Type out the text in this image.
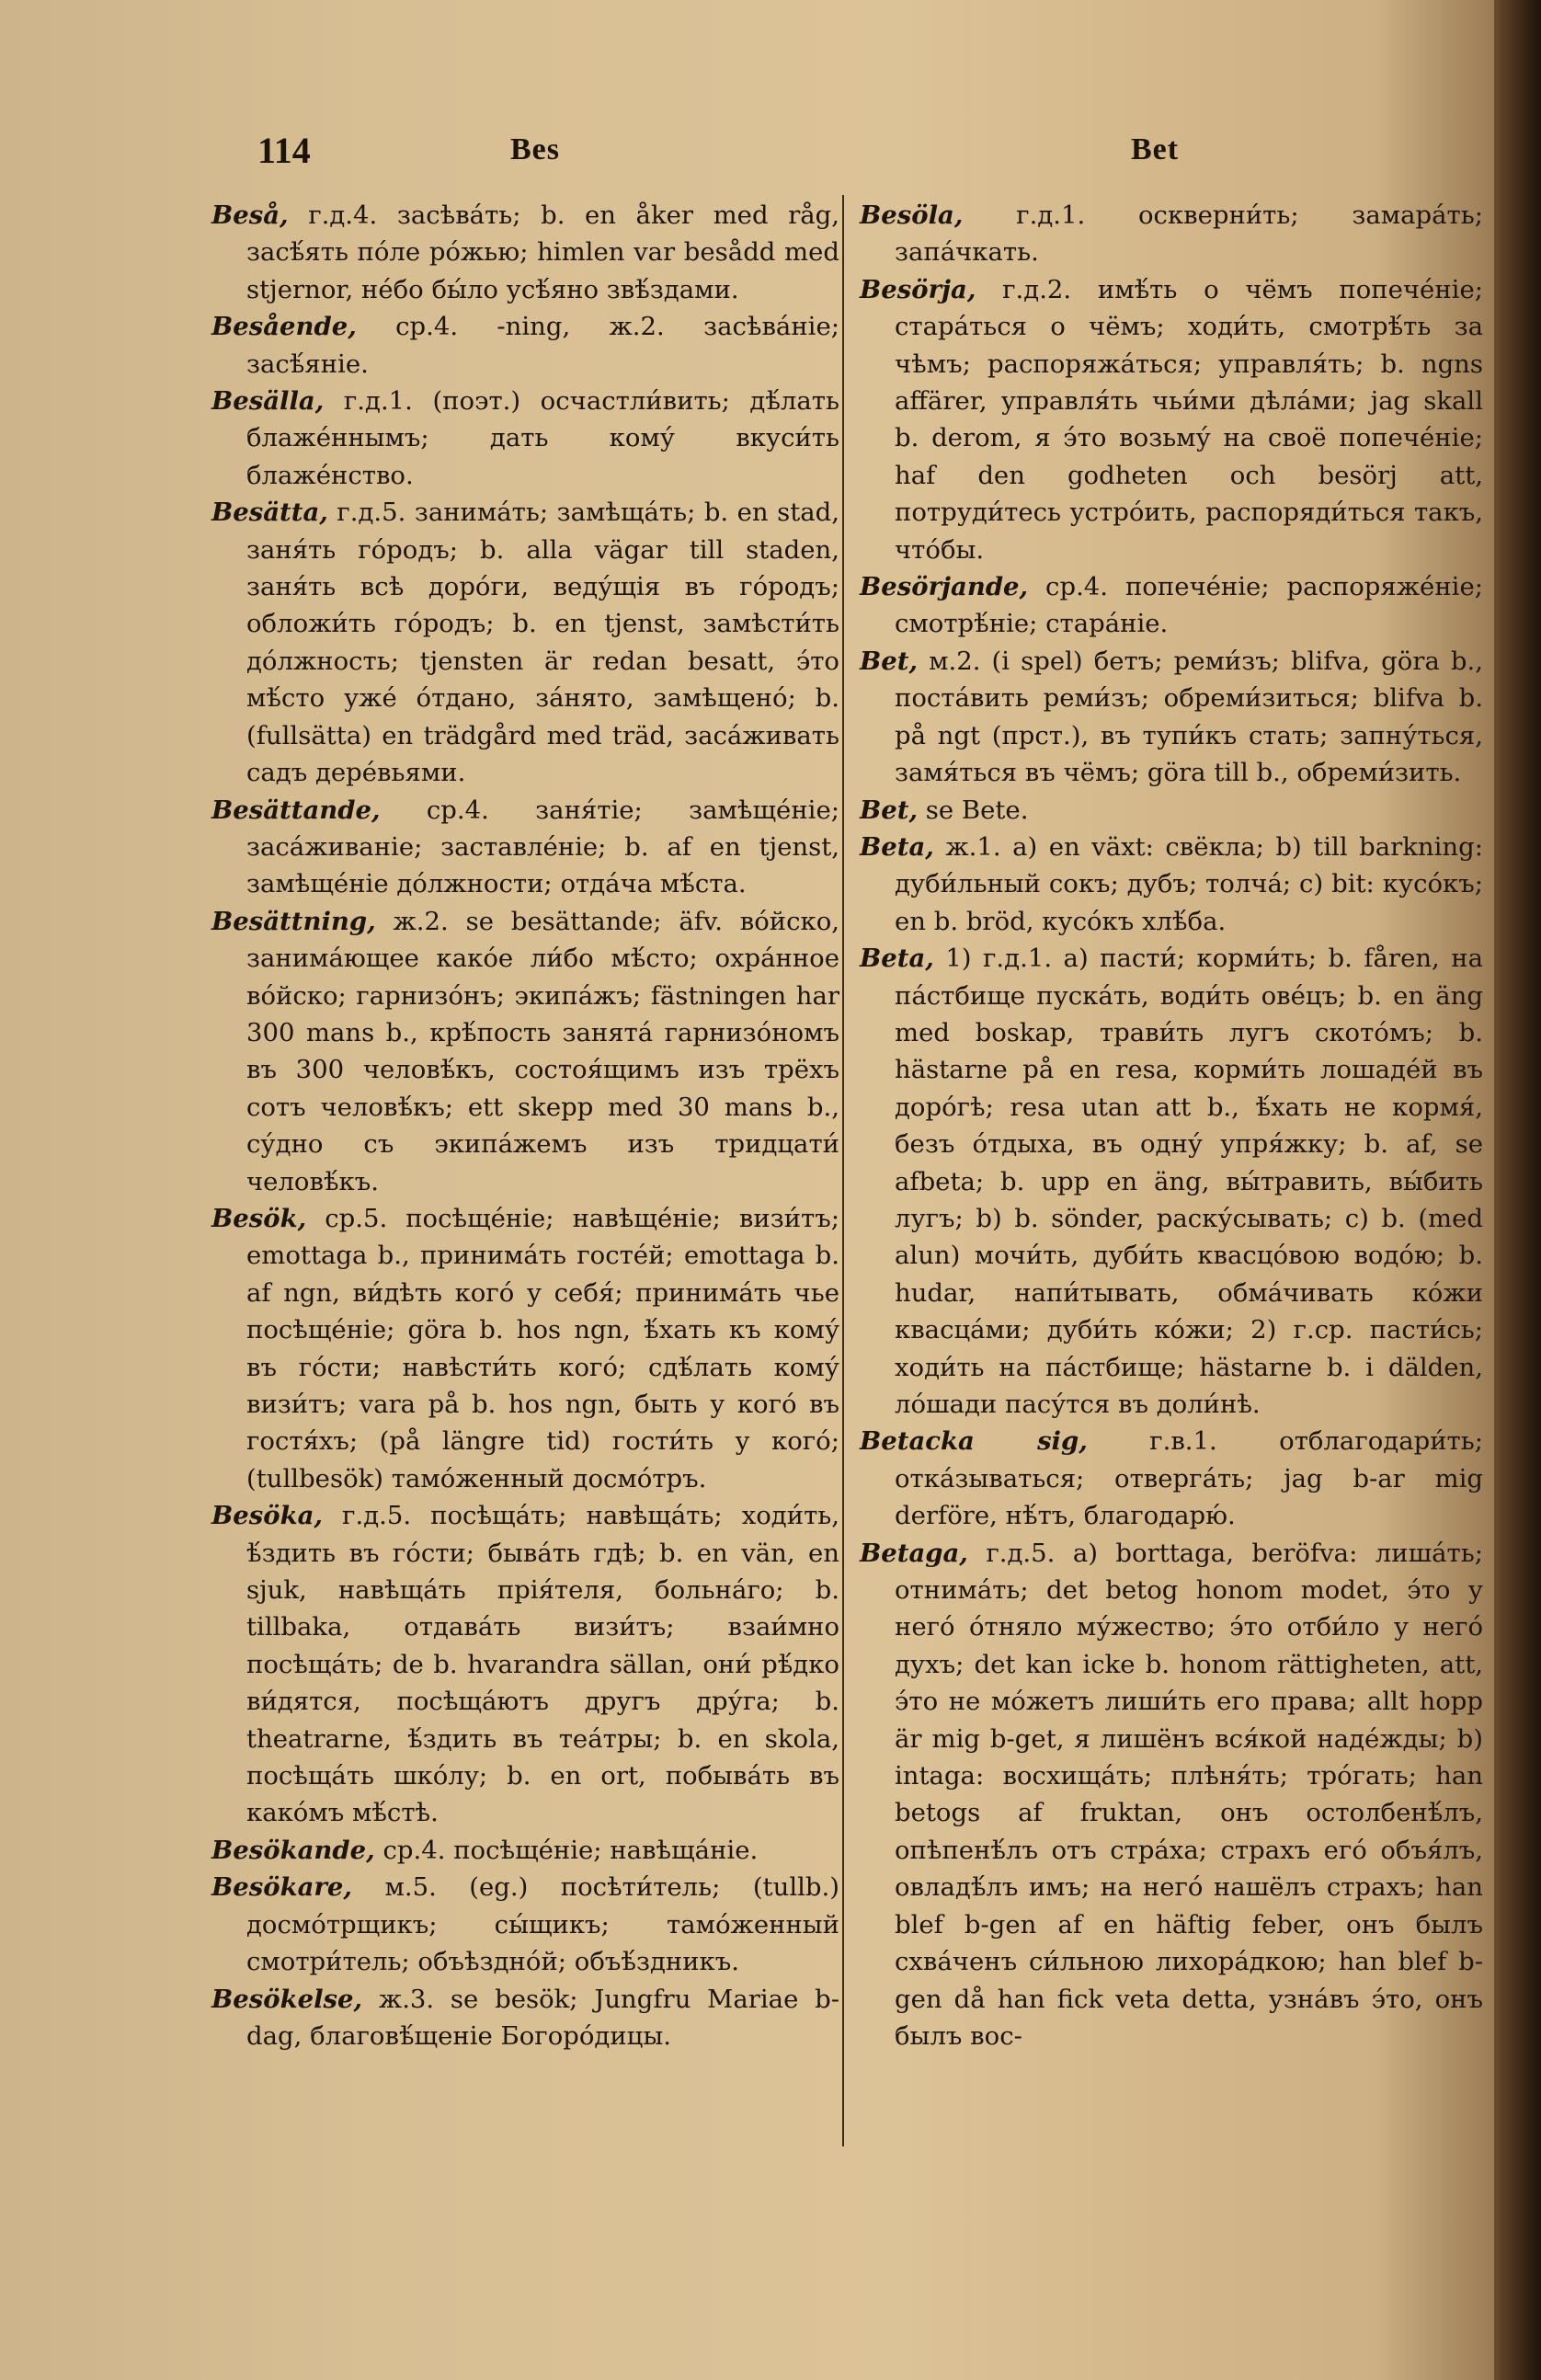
114	Bes	Bet

Beså, г.д.4. засѣва́ть; b. en åker med råg, засѣ́ять по́ле ро́жью; himlen var besådd med stjernor, не́бо бы́ло усѣ́яно звѣ́здами.

Besående, ср.4. -ning, ж.2. засѣва́нiе; засѣ́янiе.

Besälla, г.д.1. (поэт.) осчастли́вить; дѣ́лать блаже́ннымъ; дать кому́ вкуси́ть блаже́нство.

Besätta, г.д.5. занима́ть; замѣща́ть; b. en stad, заня́ть го́родъ; b. alla vägar till staden, заня́ть всѣ доро́ги, веду́щiя въ го́родъ; обложи́ть го́родъ; b. en tjenst, замѣсти́ть до́лжность; tjensten är redan besatt, э́то мѣ́сто уже́ о́тдано, за́нято, замѣщено́; b. (fullsätta) en trädgård med träd, заса́живать садъ дере́вьями.

Besättande, ср.4. заня́тiе; замѣще́нiе; заса́живанiе; заставле́нiе; b. af en tjenst, замѣще́нiе до́лжности; отда́ча мѣ́ста.

Besättning, ж.2. se besättande; äfv. во́йско, занима́ющее како́е ли́бо мѣ́сто; охра́нное во́йско; гарнизо́нъ; экипа́жъ; fästningen har 300 mans b., крѣ́пость занята́ гарнизо́номъ въ 300 человѣ́къ, состоя́щимъ изъ трёхъ сотъ человѣ́къ; ett skepp med 30 mans b., су́дно съ экипа́жемъ изъ тридцати́ человѣ́къ.

Besök, ср.5. посѣще́нiе; навѣще́нiе; визи́тъ; emottaga b., принима́ть госте́й; emottaga b. af ngn, ви́дѣть кого́ у себя́; принима́ть чье посѣще́нiе; göra b. hos ngn, ѣ́хать къ кому́ въ го́сти; навѣсти́ть кого́; сдѣ́лать кому́ визи́тъ; vara på b. hos ngn, быть у кого́ въ гостя́хъ; (på längre tid) гости́ть у кого́; (tullbesök) тамо́женный досмо́тръ.

Besöka, г.д.5. посѣща́ть; навѣща́ть; ходи́ть, ѣ́здить въ го́сти; быва́ть гдѣ; b. en vän, en sjuk, навѣща́ть прiя́теля, больна́го; b. tillbaka, отдава́ть визи́тъ; взаи́мно посѣща́ть; de b. hvarandra sällan, они́ рѣ́дко ви́дятся, посѣща́ютъ другъ дру́га; b. theatrarne, ѣ́здить въ теа́тры; b. en skola, посѣща́ть шко́лу; b. en ort, побыва́ть въ како́мъ мѣ́стѣ.

Besökande, ср.4. посѣще́нiе; навѣща́нiе.

Besökare, м.5. (eg.) посѣти́тель; (tullb.) досмо́трщикъ; сы́щикъ; тамо́женный смотри́тель; объѣздно́й; объѣ́здникъ.

Besökelse, ж.3. se besök; Jungfru Mariae b-dag, благовѣ́щенiе Богоро́дицы.

Besöla, г.д.1. оскверни́ть; замара́ть; запа́чкать.

Besörja, г.д.2. имѣ́ть о чёмъ попече́нiе; стара́ться о чёмъ; ходи́ть, смотрѣ́ть за чѣмъ; распоряжа́ться; управля́ть; b. ngns affärer, управля́ть чьи́ми дѣла́ми; jag skall b. derom, я э́то возьму́ на своё попече́нiе; haf den godheten och besörj att, потруди́тесь устро́ить, распоряди́ться такъ, что́бы.

Besörjande, ср.4. попече́нiе; распоряже́нiе; смотрѣ́нiе; стара́нiе.

Bet, м.2. (i spel) бетъ; реми́зъ; blifva, göra b., поста́вить реми́зъ; обреми́зиться; blifva b. på ngt (прст.), въ тупи́къ стать; запну́ться, замя́ться въ чёмъ; göra till b., обреми́зить.

Bet, se Bete.

Beta, ж.1. a) en växt: свёкла; b) till barkning: дуби́льный сокъ; дубъ; толча́; c) bit: кусо́къ; en b. bröd, кусо́къ хлѣ́ба.

Beta, 1) г.д.1. a) пасти́; корми́ть; b. fåren, на па́стбище пуска́ть, води́ть ове́цъ; b. en äng med boskap, трави́ть лугъ ското́мъ; b. hästarne på en resa, корми́ть лошаде́й въ доро́гѣ; resa utan att b., ѣ́хать не кормя́, безъ о́тдыха, въ одну́ упря́жку; b. af, se afbeta; b. upp en äng, вы́травить, вы́бить лугъ; b) b. sönder, раску́сывать; c) b. (med alun) мочи́ть, дуби́ть квасцо́вою водо́ю; b. hudar, напи́тывать, обма́чивать ко́жи квасца́ми; дуби́ть ко́жи; 2) г.ср. пасти́сь; ходи́ть на па́стбище; hästarne b. i dälden, ло́шади пасу́тся въ доли́нѣ.

Betacka sig, г.в.1. отблагодари́ть; отка́зываться; отверга́ть; jag b-ar mig derföre, нѣ́тъ, благодарю́.

Betaga, г.д.5. a) borttaga, beröfva: лиша́ть; отнима́ть; det betog honom modet, э́то у него́ о́тняло му́жество; э́то отби́ло у него́ духъ; det kan icke b. honom rättigheten, att, э́то не мо́жетъ лиши́ть его права; allt hopp är mig b-get, я лишёнъ вся́кой наде́жды; b) intaga: восхища́ть; плѣня́ть; тро́гать; han betogs af fruktan, онъ остолбенѣ́лъ, опѣпенѣ́лъ отъ стра́ха; страхъ его́ объя́лъ, овладѣ́лъ имъ; на него́ нашёлъ страхъ; han blef b-gen af en häftig feber, онъ былъ схва́ченъ си́льною лихора́дкою; han blef b-gen då han fick veta detta, узна́въ э́то, онъ былъ вос-
